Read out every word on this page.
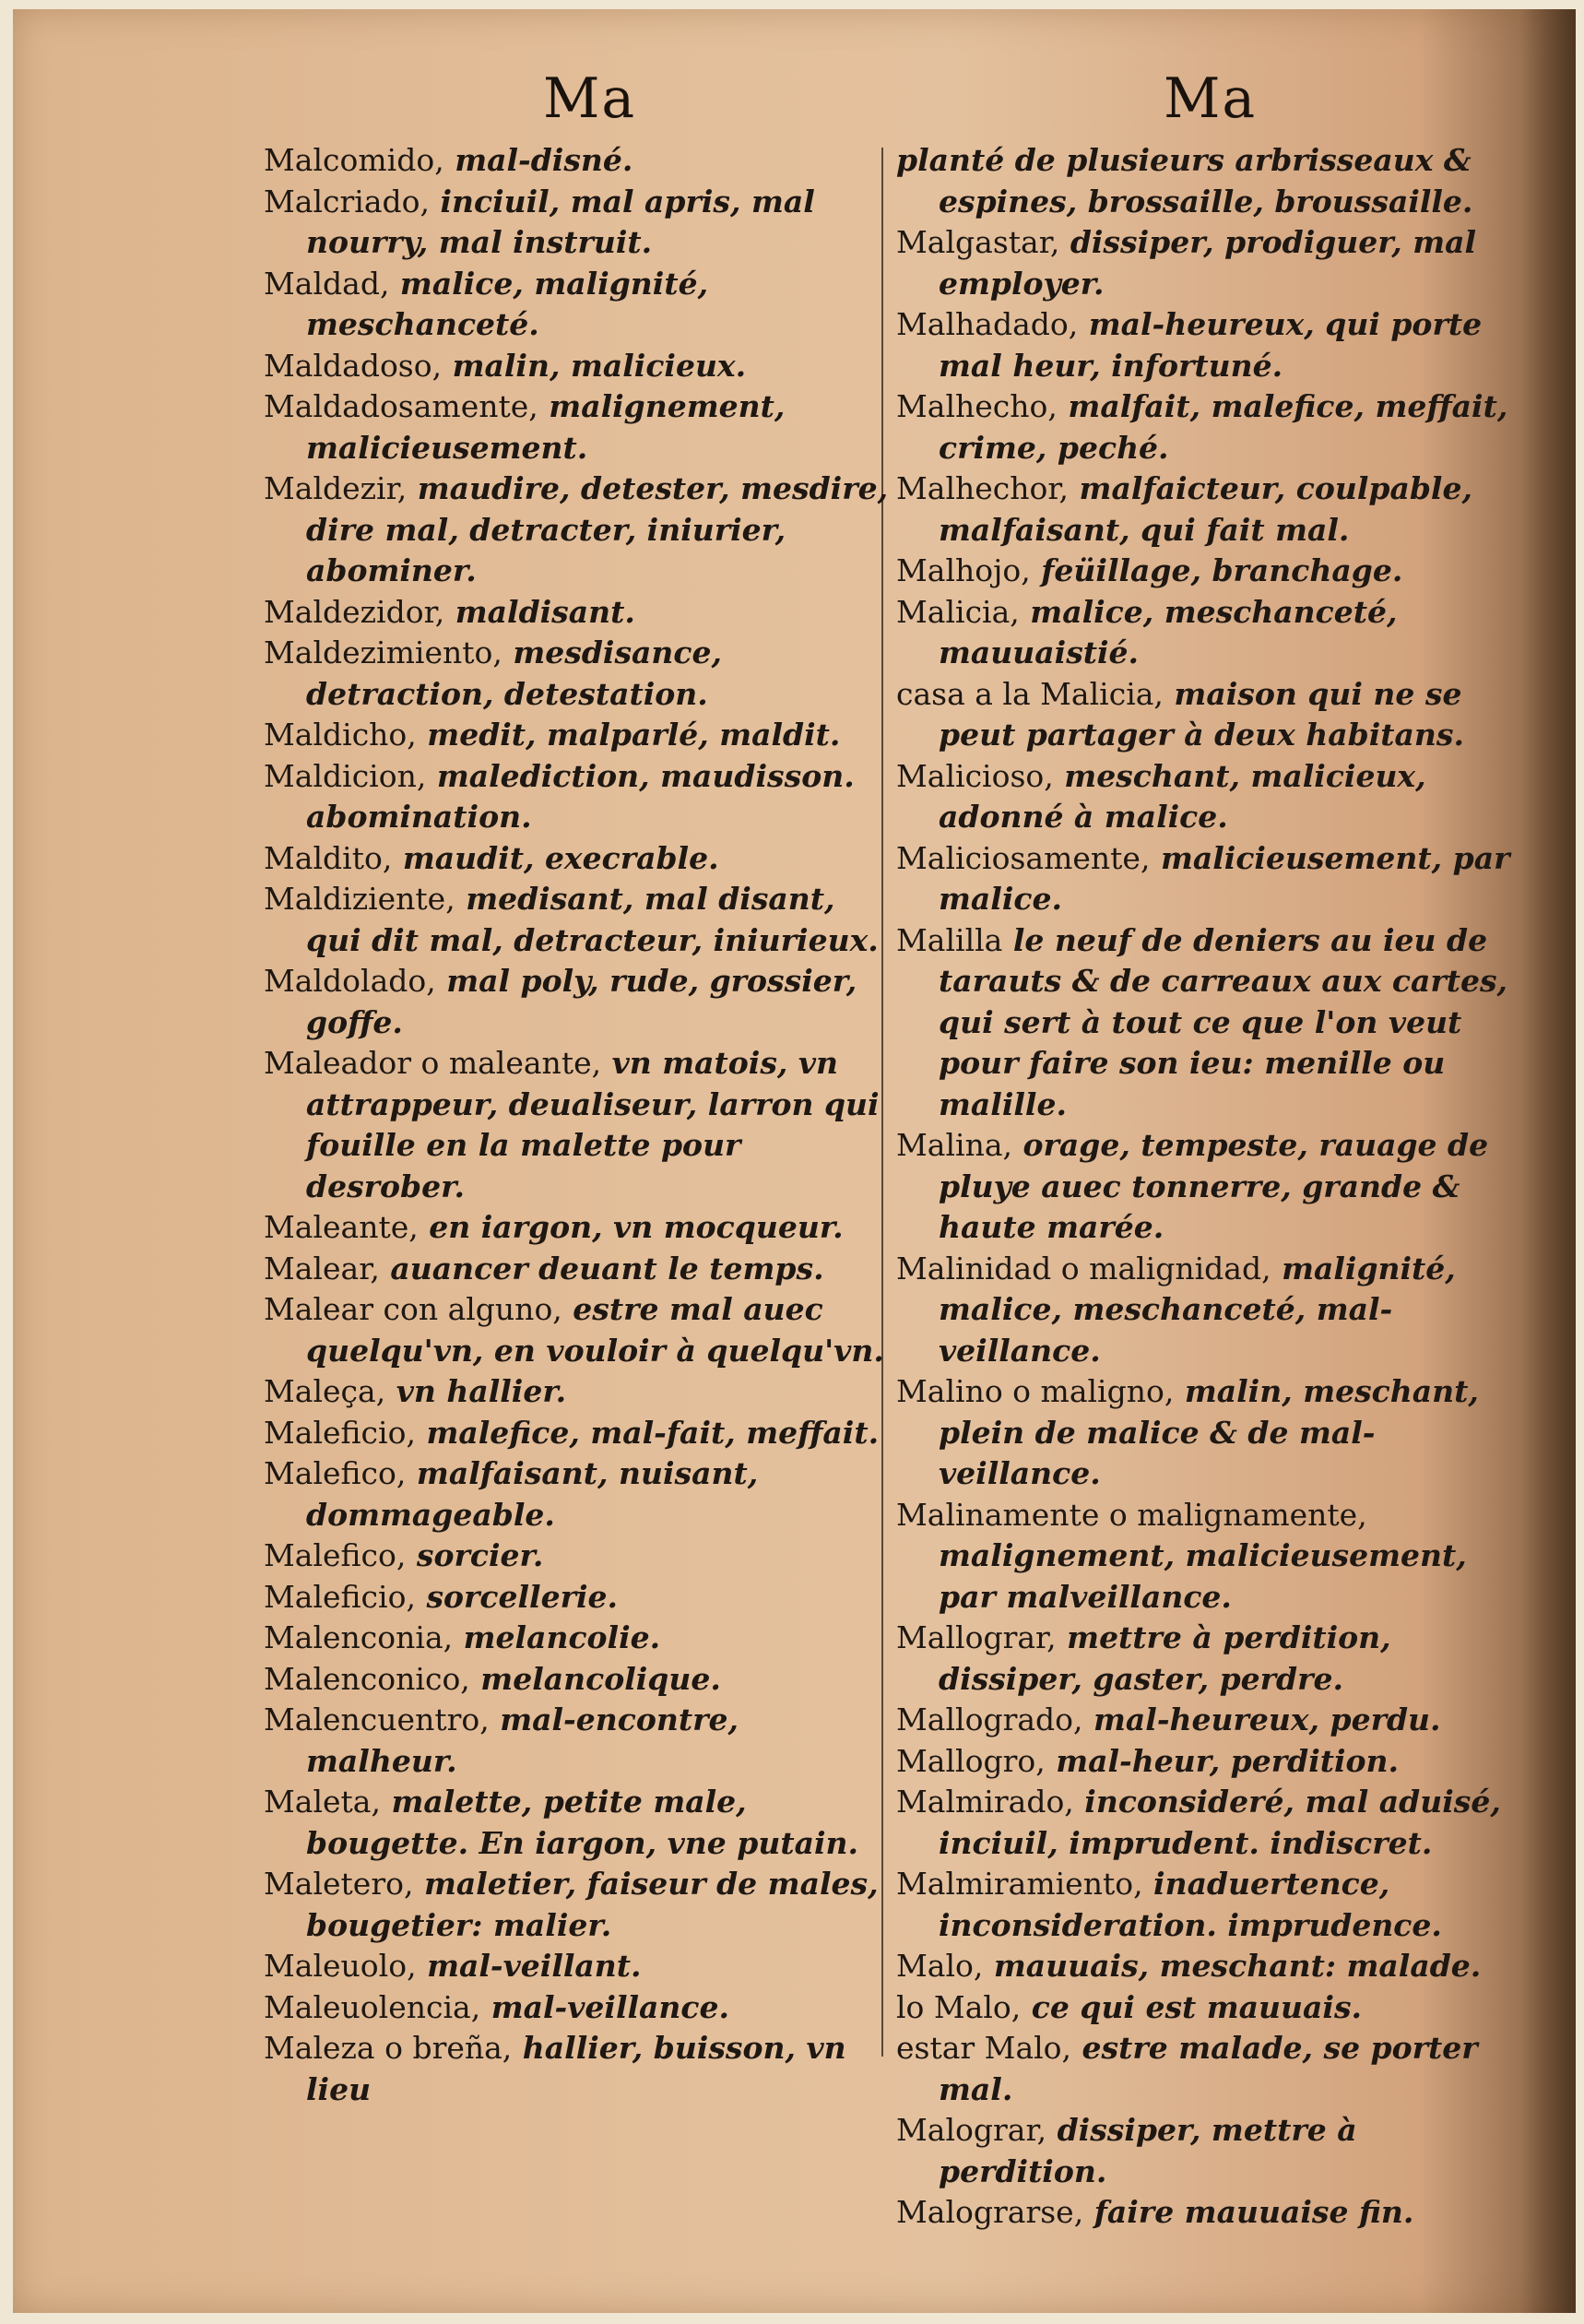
Ma	Ma

Malcomido, mal-disné.

Malcriado, inciuil, mal apris, mal nourry, mal instruit.

Maldad, malice, malignité, meschanceté.

Maldadoso, malin, malicieux.

Maldadosamente, malignement, malicieusement.

Maldezir, maudire, detester, mesdire, dire mal, detracter, iniurier, abominer.

Maldezidor, maldisant.

Maldezimiento, mesdisance, detraction, detestation.

Maldicho, medit, malparlé, maldit.

Maldicion, malediction, maudisson. abomination.

Maldito, maudit, execrable.

Maldiziente, medisant, mal disant, qui dit mal, detracteur, iniurieux.

Maldolado, mal poly, rude, grossier, goffe.

Maleador o maleante, vn matois, vn attrappeur, deualiseur, larron qui fouille en la malette pour desrober.

Maleante, en iargon, vn mocqueur.

Malear, auancer deuant le temps.

Malear con alguno, estre mal auec quelqu'vn, en vouloir à quelqu'vn.

Maleça, vn hallier.

Maleficio, malefice, mal-fait, meffait.

Malefico, malfaisant, nuisant, dommageable.

Malefico, sorcier.

Maleficio, sorcellerie.

Malenconia, melancolie.

Malenconico, melancolique.

Malencuentro, mal-encontre, malheur.

Maleta, malette, petite male, bougette. En iargon, vne putain.

Maletero, maletier, faiseur de males, bougetier: malier.

Maleuolo, mal-veillant.

Maleuolencia, mal-veillance.

Maleza o breña, hallier, buisson, vn lieu

planté de plusieurs arbrisseaux & espines, brossaille, broussaille.

Malgastar, dissiper, prodiguer, mal employer.

Malhadado, mal-heureux, qui porte mal heur, infortuné.

Malhecho, malfait, malefice, meffait, crime, peché.

Malhechor, malfaicteur, coulpable, malfaisant, qui fait mal.

Malhojo, feüillage, branchage.

Malicia, malice, meschanceté, mauuaistié.

casa a la Malicia, maison qui ne se peut partager à deux habitans.

Malicioso, meschant, malicieux, adonné à malice.

Maliciosamente, malicieusement, par malice.

Malilla le neuf de deniers au ieu de tarauts & de carreaux aux cartes, qui sert à tout ce que l'on veut pour faire son ieu: menille ou malille.

Malina, orage, tempeste, rauage de pluye auec tonnerre, grande & haute marée.

Malinidad o malignidad, malignité, malice, meschanceté, mal-veillance.

Malino o maligno, malin, meschant, plein de malice & de mal-veillance.

Malinamente o malignamente, malignement, malicieusement, par malveillance.

Mallograr, mettre à perdition, dissiper, gaster, perdre.

Mallogrado, mal-heureux, perdu.

Mallogro, mal-heur, perdition.

Malmirado, inconsideré, mal aduisé, inciuil, imprudent. indiscret.

Malmiramiento, inaduertence, inconsideration. imprudence.

Malo, mauuais, meschant: malade.

lo Malo, ce qui est mauuais.

estar Malo, estre malade, se porter mal.

Malograr, dissiper, mettre à perdition.

Malograrse, faire mauuaise fin.
